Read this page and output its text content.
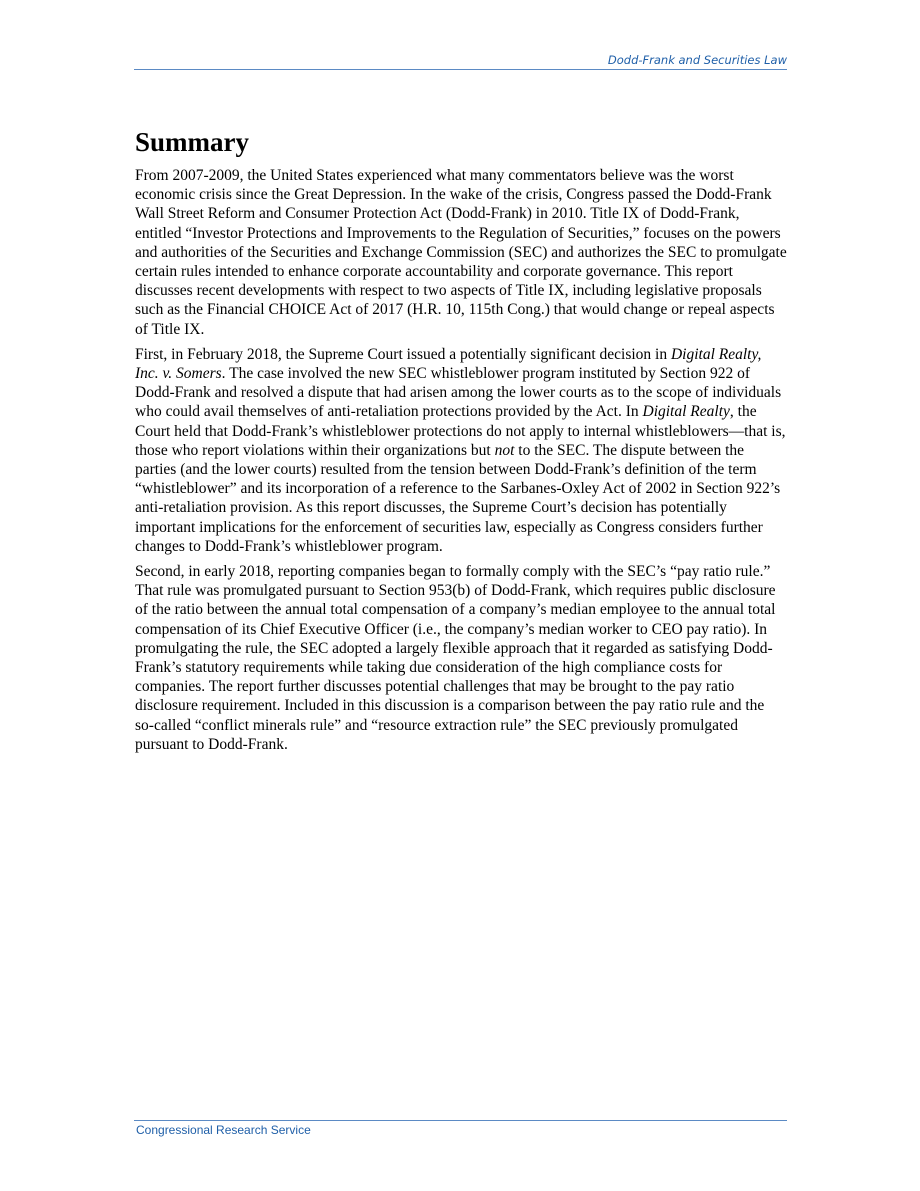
Dodd-Frank and Securities Law
Summary

From 2007-2009, the United States experienced what many commentators believe was the worst economic crisis since the Great Depression. In the wake of the crisis, Congress passed the Dodd-Frank Wall Street Reform and Consumer Protection Act (Dodd-Frank) in 2010. Title IX of Dodd-Frank, entitled “Investor Protections and Improvements to the Regulation of Securities,” focuses on the powers and authorities of the Securities and Exchange Commission (SEC) and authorizes the SEC to promulgate certain rules intended to enhance corporate accountability and corporate governance. This report discusses recent developments with respect to two aspects of Title IX, including legislative proposals such as the Financial CHOICE Act of 2017 (H.R. 10, 115th Cong.) that would change or repeal aspects of Title IX.

First, in February 2018, the Supreme Court issued a potentially significant decision in Digital Realty, Inc. v. Somers. The case involved the new SEC whistleblower program instituted by Section 922 of Dodd-Frank and resolved a dispute that had arisen among the lower courts as to the scope of individuals who could avail themselves of anti-retaliation protections provided by the Act. In Digital Realty, the Court held that Dodd-Frank’s whistleblower protections do not apply to internal whistleblowers—that is, those who report violations within their organizations but not to the SEC. The dispute between the parties (and the lower courts) resulted from the tension between Dodd-Frank’s definition of the term “whistleblower” and its incorporation of a reference to the Sarbanes-Oxley Act of 2002 in Section 922’s anti-retaliation provision. As this report discusses, the Supreme Court’s decision has potentially important implications for the enforcement of securities law, especially as Congress considers further changes to Dodd-Frank’s whistleblower program.

Second, in early 2018, reporting companies began to formally comply with the SEC’s “pay ratio rule.” That rule was promulgated pursuant to Section 953(b) of Dodd-Frank, which requires public disclosure of the ratio between the annual total compensation of a company’s median employee to the annual total compensation of its Chief Executive Officer (i.e., the company’s median worker to CEO pay ratio). In promulgating the rule, the SEC adopted a largely flexible approach that it regarded as satisfying Dodd-Frank’s statutory requirements while taking due consideration of the high compliance costs for companies. The report further discusses potential challenges that may be brought to the pay ratio disclosure requirement. Included in this discussion is a comparison between the pay ratio rule and the so-called “conflict minerals rule” and “resource extraction rule” the SEC previously promulgated pursuant to Dodd-Frank.

Congressional Research Service
